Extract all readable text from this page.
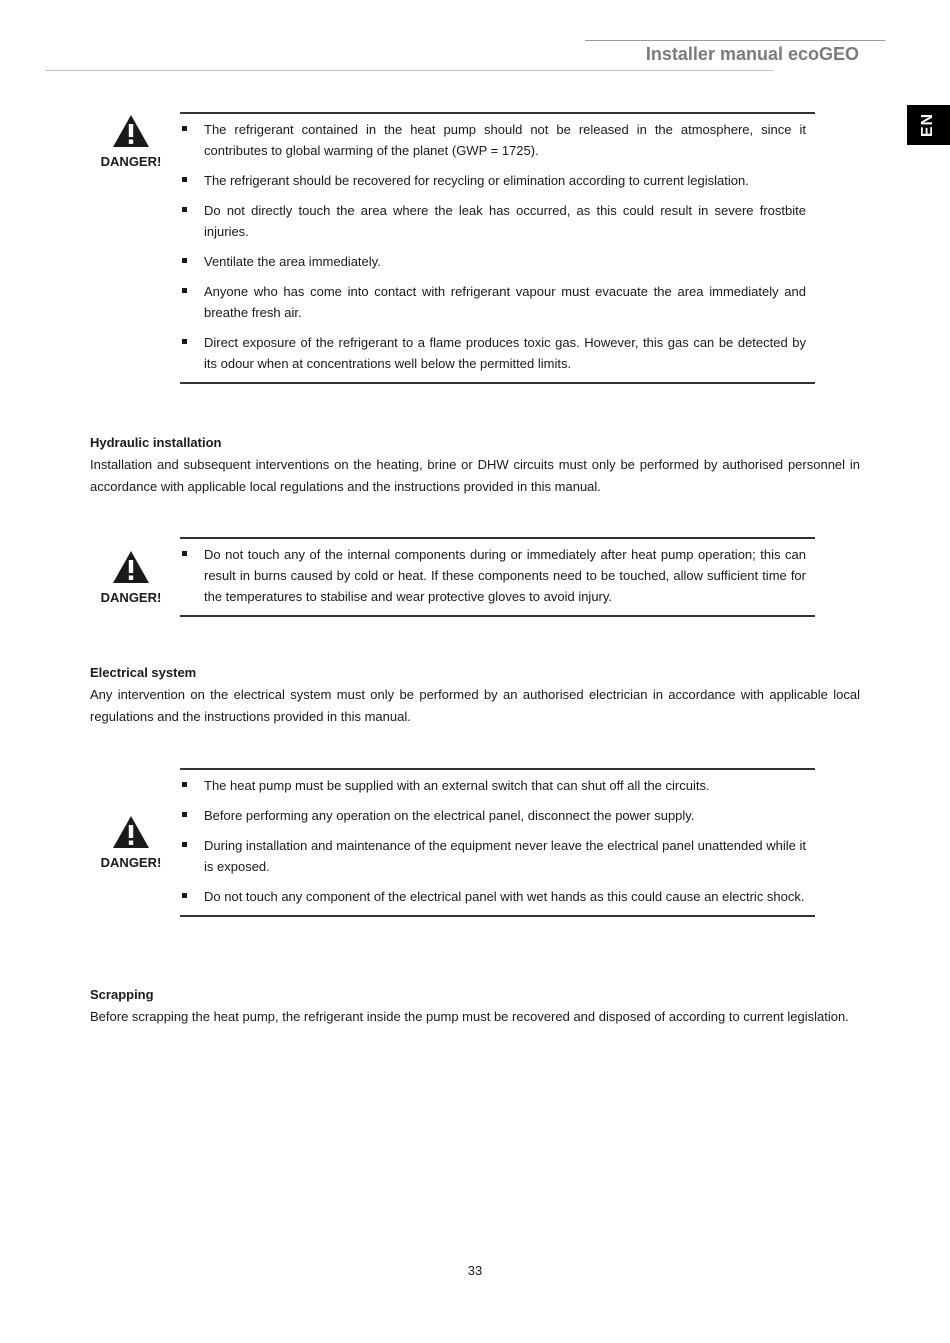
Installer manual ecoGEO
EN
DANGER!
The refrigerant contained in the heat pump should not be released in the atmosphere, since it contributes to global warming of the planet (GWP = 1725).
The refrigerant should be recovered for recycling or elimination according to current legislation.
Do not directly touch the area where the leak has occurred, as this could result in severe frostbite injuries.
Ventilate the area immediately.
Anyone who has come into contact with refrigerant vapour must evacuate the area immediately and breathe fresh air.
Direct exposure of the refrigerant to a flame produces toxic gas. However, this gas can be detected by its odour when at concentrations well below the permitted limits.
Hydraulic installation

Installation and subsequent interventions on the heating, brine or DHW circuits must only be performed by authorised personnel in accordance with applicable local regulations and the instructions provided in this manual.

DANGER!
Do not touch any of the internal components during or immediately after heat pump operation; this can result in burns caused by cold or heat. If these components need to be touched, allow sufficient time for the temperatures to stabilise and wear protective gloves to avoid injury.
Electrical system

Any intervention on the electrical system must only be performed by an authorised electrician in accordance with applicable local regulations and the instructions provided in this manual.

DANGER!
The heat pump must be supplied with an external switch that can shut off all the circuits.
Before performing any operation on the electrical panel, disconnect the power supply.
During installation and maintenance of the equipment never leave the electrical panel unattended while it is exposed.
Do not touch any component of the electrical panel with wet hands as this could cause an electric shock.
Scrapping

Before scrapping the heat pump, the refrigerant inside the pump must be recovered and disposed of according to current legislation.

33
